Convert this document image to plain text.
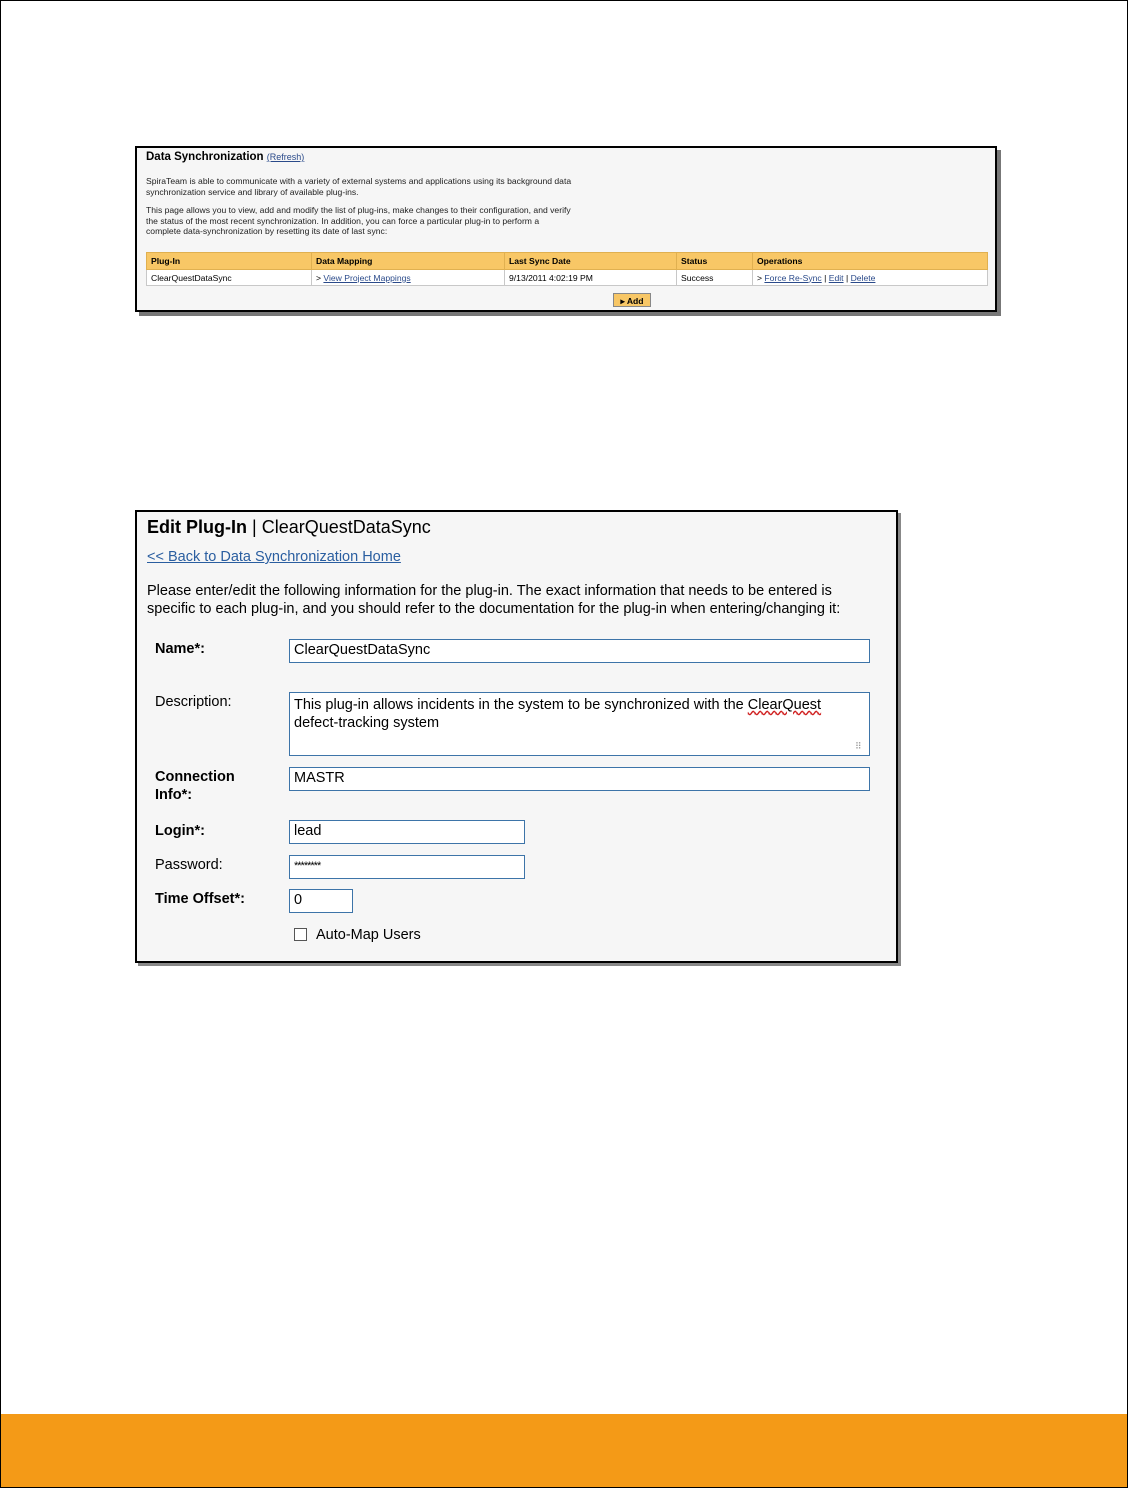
Data Synchronization (Refresh)
SpiraTeam is able to communicate with a variety of external systems and applications using its background data
synchronization service and library of available plug-ins.
This page allows you to view, add and modify the list of plug-ins, make changes to their configuration, and verify
the status of the most recent synchronization. In addition, you can force a particular plug-in to perform a
complete data-synchronization by resetting its date of last sync:
Plug-In	Data Mapping	Last Sync Date	Status	Operations
ClearQuestDataSync	> View Project Mappings	9/13/2011 4:02:19 PM	Success	> Force Re-Sync | Edit | Delete
▸ Add
Edit Plug-In | ClearQuestDataSync
<< Back to Data Synchronization Home
Please enter/edit the following information for the plug-in. The exact information that needs to be entered is
specific to each plug-in, and you should refer to the documentation for the plug-in when entering/changing it:
Name*:	ClearQuestDataSync
Description:	This plug-in allows incidents in the system to be synchronized with the ClearQuest
defect-tracking system
⠿
Connection
Info*:
MASTR
Login*:	lead
Password:	********
Time Offset*:	0
Auto-Map Users
